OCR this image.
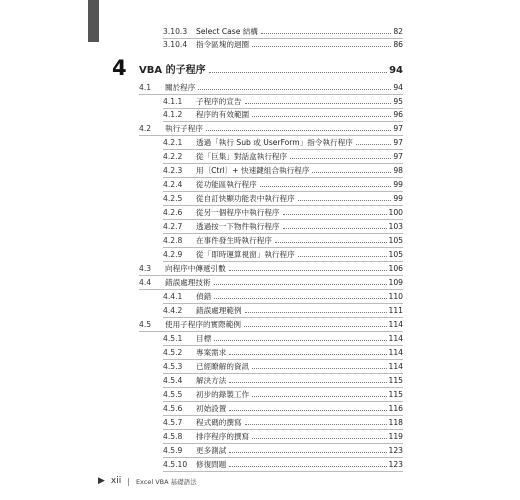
3.10.3	Select Case 結構	82
3.10.4	指令區塊的迴圈	86
4 VBA 的子程序	94
4.1	關於程序	94
4.1.1	子程序的宣告	95
4.1.2	程序的有效範圍	96
4.2	執行子程序	97
4.2.1	透過「執行 Sub 或 UserForm」指令執行程序	97
4.2.2	從「巨集」對話盒執行程序	97
4.2.3	用〔Ctrl〕+ 快速鍵組合執行程序	98
4.2.4	從功能區執行程序	99
4.2.5	從自訂快顯功能表中執行程序	99
4.2.6	從另一個程序中執行程序	100
4.2.7	透過按一下物件執行程序	103
4.2.8	在事件發生時執行程序	105
4.2.9	從「即時運算視窗」執行程序	105
4.3	向程序中傳遞引數	106
4.4	錯誤處理技術	109
4.4.1	偵錯	110
4.4.2	錯誤處理範例	111
4.5	使用子程序的實際範例	114
4.5.1	目標	114
4.5.2	專案需求	114
4.5.3	已經瞭解的資訊	114
4.5.4	解決方法	115
4.5.5	初步的錄製工作	115
4.5.6	初始設置	116
4.5.7	程式碼的撰寫	118
4.5.8	排序程序的撰寫	119
4.5.9	更多測試	123
4.5.10	修復問題	123
▶ xii | Excel VBA 基礎語法
